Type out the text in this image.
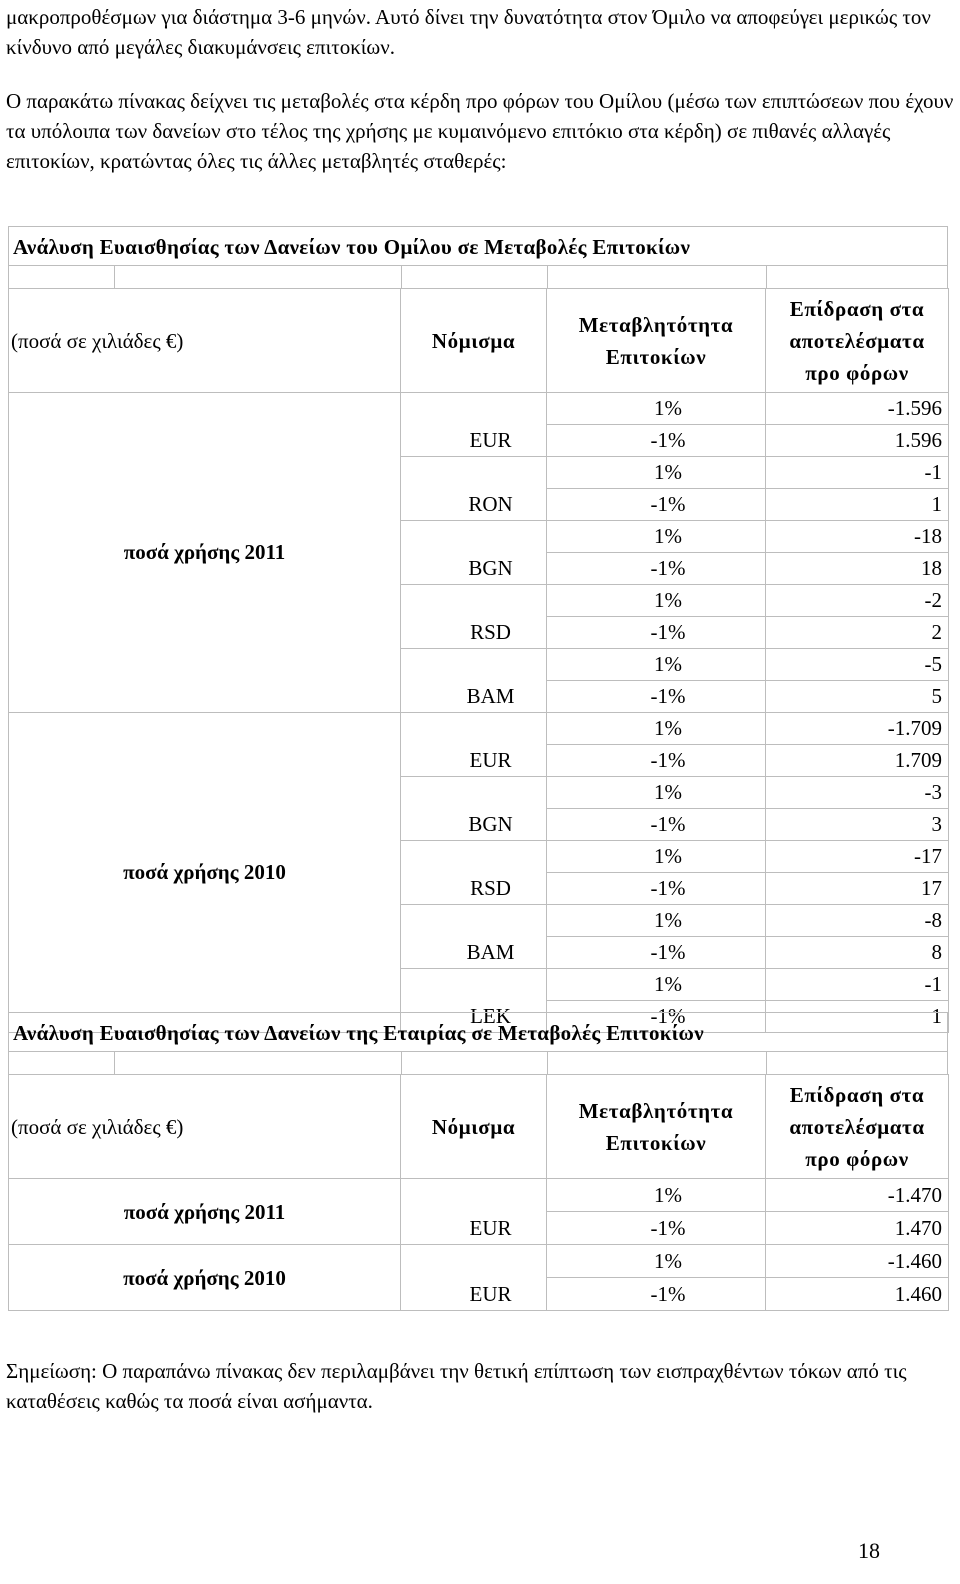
μακροπροθέσμων για διάστημα 3-6 μηνών. Αυτό δίνει την δυνατότητα στον Όμιλο να αποφεύγει μερικώς τον κίνδυνο από μεγάλες διακυμάνσεις επιτοκίων.

Ο παρακάτω πίνακας δείχνει τις μεταβολές στα κέρδη προ φόρων του Ομίλου (μέσω των επιπτώσεων που έχουν τα υπόλοιπα των δανείων στο τέλος της χρήσης με κυμαινόμενο επιτόκιο στα κέρδη) σε πιθανές αλλαγές επιτοκίων, κρατώντας όλες τις άλλες μεταβλητές σταθερές:

Ανάλυση Ευαισθησίας των Δανείων του Ομίλου σε Μεταβολές Επιτοκίων
(ποσά σε χιλιάδες €)	Νόμισμα	Μεταβλητότητα Επιτοκίων	Επίδραση στα αποτελέσματα προ φόρων
ποσά χρήσης 2011	EUR	1%	-1.596
		-1%	1.596
	RON	1%	-1
		-1%	1
	BGN	1%	-18
		-1%	18
	RSD	1%	-2
		-1%	2
	BAM	1%	-5
		-1%	5
ποσά χρήσης 2010	EUR	1%	-1.709
		-1%	1.709
	BGN	1%	-3
		-1%	3
	RSD	1%	-17
		-1%	17
	BAM	1%	-8
		-1%	8
	LEK	1%	-1
		-1%	1
Ανάλυση Ευαισθησίας των Δανείων της Εταιρίας σε Μεταβολές Επιτοκίων
(ποσά σε χιλιάδες €)	Νόμισμα	Μεταβλητότητα Επιτοκίων	Επίδραση στα αποτελέσματα προ φόρων
ποσά χρήσης 2011	EUR	1%	-1.470
		-1%	1.470
ποσά χρήσης 2010	EUR	1%	-1.460
		-1%	1.460

Σημείωση: Ο παραπάνω πίνακας δεν περιλαμβάνει την θετική επίπτωση των εισπραχθέντων τόκων από τις καταθέσεις καθώς τα ποσά είναι ασήμαντα.

18
